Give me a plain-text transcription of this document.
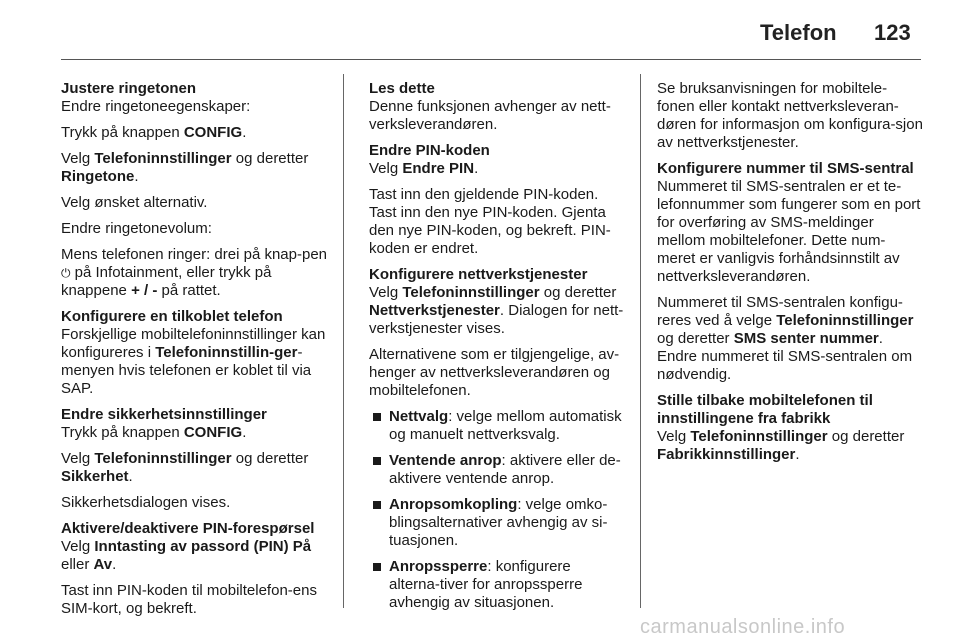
Telefon 123
Justere ringetonen

Endre ringetoneegenskaper:

Trykk på knappen CONFIG.

Velg Telefoninnstillinger og deretter Ringetone.

Velg ønsket alternativ.

Endre ringetonevolum:

Mens telefonen ringer: drei på knap-pen ⏻ på Infotainment, eller trykk på knappene + / - på rattet.

Konfigurere en tilkoblet telefon

Forskjellige mobiltelefoninnstillinger kan konfigureres i Telefoninnstillin-ger-menyen hvis telefonen er koblet til via SAP.

Endre sikkerhetsinnstillinger

Trykk på knappen CONFIG.

Velg Telefoninnstillinger og deretter Sikkerhet.

Sikkerhetsdialogen vises.

Aktivere/deaktivere PIN-forespørsel

Velg Inntasting av passord (PIN) På eller Av.

Tast inn PIN-koden til mobiltelefon-ens SIM-kort, og bekreft.

Les dette

Denne funksjonen avhenger av nett-verksleverandøren.

Endre PIN-koden

Velg Endre PIN.

Tast inn den gjeldende PIN-koden. Tast inn den nye PIN-koden. Gjenta den nye PIN-koden, og bekreft. PIN-koden er endret.

Konfigurere nettverkstjenester

Velg Telefoninnstillinger og deretter Nettverkstjenester. Dialogen for nett-verkstjenester vises.

Alternativene som er tilgjengelige, av-henger av nettverksleverandøren og mobiltelefonen.

Nettvalg: velge mellom automatisk og manuelt nettverksvalg.
Ventende anrop: aktivere eller de-aktivere ventende anrop.
Anropsomkopling: velge omko-blingsalternativer avhengig av si-tuasjonen.
Anropssperre: konfigurere alterna-tiver for anropssperre avhengig av situasjonen.

Se bruksanvisningen for mobiltele-fonen eller kontakt nettverksleveran-døren for informasjon om konfigura-sjon av nettverkstjenester.

Konfigurere nummer til SMS-sentral

Nummeret til SMS-sentralen er et te-lefonnummer som fungerer som en port for overføring av SMS-meldinger mellom mobiltelefoner. Dette num-meret er vanligvis forhåndsinnstilt av nettverksleverandøren.

Nummeret til SMS-sentralen konfigu-reres ved å velge Telefoninnstillinger og deretter SMS senter nummer. Endre nummeret til SMS-sentralen om nødvendig.

Stille tilbake mobiltelefonen til innstillingene fra fabrikk

Velg Telefoninnstillinger og deretter Fabrikkinnstillinger.

carmanualsonline.info
